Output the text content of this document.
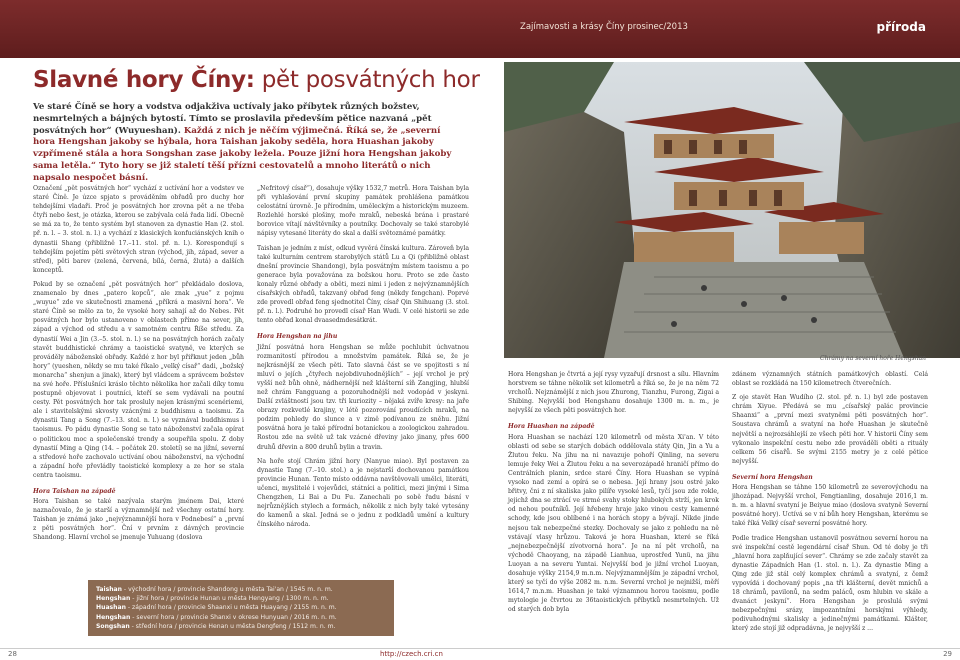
Zajímavosti a krásy Číny prosinec/2013	příroda
Slavné hory Číny: pět posvátných hor
Ve staré Číně se hory a vodstva odjakživa uctívaly jako příbytek různých božstev, nesmrtelných a bájných bytostí. Tímto se proslavila především pětice nazvaná „pět posvátných hor“ (Wuyueshan). Každá z nich je něčím výjimečná. Říká se, že „severní hora Hengshan jakoby se hýbala, hora Taishan jakoby seděla, hora Huashan jakoby vzpřímeně stála a hora Songshan zase jakoby ležela. Pouze jižní hora Hengshan jakoby sama letěla.“ Tyto hory se již staletí těší přízni cestovatelů a mnoho literátů o nich napsalo nespočet básní.

Označení „pět posvátných hor“ vychází z uctívání hor a vodstev ve staré Číně. Je úzce spjato s prováděním obřadů pro duchy hor tehdejšími vladaři. Proč je posvátných hor zrovna pět a ne třeba čtyři nebo šest, je otázka, kterou se zabývala celá řada lidí. Obecně se má za to, že tento systém byl stanoven za dynastie Han (2. stol. př. n. l. – 3. stol. n. l.) a vychází z klasických konfuciánských knih o dynastii Shang (přibližně 17.–11. stol. př. n. l.). Korespondují s tehdejším pojetím pěti světových stran (východ, jih, západ, sever a střed), pěti barev (zelená, červená, bílá, černá, žlutá) a dalších konceptů.

Pokud by se označení „pět posvátných hor“ překládalo doslova, znamenalo by dnes „patero kopců“, ale znak „yue“ z pojmu „wuyue“ zde ve skutečnosti znamená „příkrá a masivní hora“. Ve staré Číně se mělo za to, že vysoké hory sahají až do Nebes. Pět posvátných hor bylo ustanoveno v oblastech přímo na sever, jih, západ a východ od středu a v samotném centru Říše středu. Za dynastií Wei a Jin (3.–5. stol. n. l.) se na posvátných horách začaly stavět buddhistické chrámy a taoistické svatyně, ve kterých se prováděly náboženské obřady. Každé z hor byl přiřknut jeden „bůh hory“ (yueshen, někdy se mu také říkalo „velký císař“ dadi, „božský monarcha“ shenjun a jinak), který byl vládcem a správcem božstev na své hoře. Příslušníci kráslo těchto několika hor začali díky tomu postupně objevovat i poutníci, kteří se sem vydávali na poutní cesty. Pět posvátných hor tak prosluly nejen krásnými scenériemi, ale i stavitelskými skvosty vzácnými z buddhismu a taoismu. Za dynastii Tang a Song (7.–13. stol. n. l.) se vyznával buddhismus i taoismus. Po pádu dynastie Song se tato náboženství začala opírat o politickou moc a společenské trendy a soupeřila spolu. Z doby dynastií Ming a Qing (14. – počátek 20. století) se na jižní, severní a středové hoře zachovalo uctívání obou náboženství, na východní a západní hoře převládly taoistické komplexy a ze hor se stala centra taoismu.

Hora Taishan na západě

Hora Taishan se také nazývala starým jménem Dai, které naznačovalo, že je starší a významnější než všechny ostatní hory. Taishan je známá jako „nejvýznamnější hora v Podnebesí“ a „první z pěti posvátných hor“. Ční v prvním z dávných provincie Shandong. Hlavní vrchol se jmenuje Yuhuang (doslova

„Nefritový císař“), dosahuje výšky 1532,7 metrů. Hora Taishan byla při vyhlašování první skupiny památek prohlášena památkou celostátní úrovně. Je přírodním, uměleckým a historickým muzeem. Rozlehlé horské plošiny, moře mraků, nebeská brána i prastaré borovice vítají návštěvníky a poutníky. Dochovaly se také starobylé nápisy vytesané literáty do skal a další světoznámé památky.

Taishan je jedním z míst, odkud vyvěrá čínská kultura. Zároveň byla také kulturním centrem starobylých států Lu a Qi (přibližně oblast dnešní provincie Shandong), byla posvátným místem taoismu a po generace byla považována za božskou horu. Proto se zde často konaly různé obřady a oběti, mezi nimi i jeden z nejvýznamnějších císařských obřadů, takzvaný obřad feng (někdy fengchan). Poprvé zde provedl obřad feng sjednotitel Číny, císař Qin Shihuang (3. stol. př. n. l.). Podruhé ho provedl císař Han Wudi. V celé historii se zde tento obřad konal dvaasedmdesátkrát.

Hora Hengshan na jihu

Jižní posvátná hora Hengshan se může pochlubit úchvatnou rozmanitostí přírodou a množstvím památek. Říká se, že je nejkrásnější ze všech pěti. Tato slavná část se ve spojitosti s ní mluví o jejích „čtyřech nejobdivuhodnějších“ – její vrchol je prý vyšší než bůh ohně, nádhernější než klášterní síň Zangjing, hlubší než chrám Fangguang a pozoruhodnější než vodopád v jeskyni. Další zvláštností jsou tzv. tři kuriozity – nějaká zvíře kresy: na jaře obrazy rozkvetlé krajiny, v létě pozorování proudících mraků, na podzim pohledy do slunce a v zimě podívanou ze sněhu. Jižní posvátná hora je také přírodní botanickou a zoologickou zahradou. Rostou zde na světě už tak vzácné dřeviny jako jinany, přes 600 druhů dřevin a 800 druhů bylin a travin.

Na hoře stojí Chrám jižní hory (Nanyue miao). Byl postaven za dynastie Tang (7.–10. stol.) a je nejstarší dochovanou památkou provincie Hunan. Tento místo oddávna navštěvovali umělci, literáti, učenci, myslitelé i vojevůdci, státníci a politici, mezi jinými i Sima Chengzhen, Li Bai a Du Fu. Zanechali po sobě řadu básní v nejrůznějších stylech a formách, několik z nich byly také vytesány do kamenů a skal. Jedná se o jednu z podkladů umění a kultury čínského národa.

Chrámy na severní hoře Hengshan

Hora Hengshan je čtvrtá a její rysy vyzařují drsnost a sílu. Hlavním horstvem se táhne několik set kilometrů a říká se, že je na něm 72 vrcholů. Nejznámější z nich jsou Zhurong, Tianzhu, Furong, Zigai a Shibing. Nejvyšší bod Hengshanu dosahuje 1300 m. n. m., je nejvyšší ze všech pěti posvátných hor.

Hora Huashan na západě

Hora Huashan se nachází 120 kilometrů od města Xi'an. V této oblasti od sebe se starých dobách oddělovala státy Qin, Jin a Yu a Žlutou řeku. Na jihu na ni navazuje pohoří Qinling, na severu lemuje řeky Wei a Žlutou řeku a na severozápadě hraničí přímo do Centrálních planin, srdce staré Číny. Hora Huashan se vypíná vysoko nad zemí a opírá se o nebesa. Její hrany jsou ostré jako břitvy, čni z ní skaliska jako pilíře vysoké lesů, tyčí jsou zde rokle, jejichž dna se ztrácí ve strmé svahy stoky hlubokých strží, jen krok od nehou pouťníků. Její hřebeny hraje jako vinou cesty kamenné schody, kde jsou oblíbené i na horách stopy a bývají. Nikde jinde nejsou tak nebezpečné stezky. Dochovaly se jako z pohledu na ně vstávají vlasy hrůzou. Taková je hora Huashan, které se říká „nejnebezpečnější zívotvorná hora“. Je na ní pět vrcholů, na východě Chaoyang, na západě Lianhua, uprostřed Yunü, na jihu Luoyan a na severu Yuntai. Nejvyšší bod je jižní vrchol Luoyan, dosahuje výšky 2154,9 m.n.m. Nejvýznamnějším je západní vrchol, který se tyčí do výše 2082 m. n.m. Severní vrchol je nejnižší, měří 1614,7 m.n.m. Huashan je také významnou horou taoismu, podle mytologie je čtvrtou ze 36taoistických příbytků nesmrtelných. Už od starých dob byla

zdánem významných státních památkových oblastí. Celá oblast se rozkládá na 150 kilometrech čtverečních.

Z oje stavět Han Wudího (2. stol. př. n. l.) byl zde postaven chrám Xiyue. Předává se mu „císařský palác provincie Shaanxi“ a „první mezi svatyněmi pěti posvátných hor“. Soustava chrámů a svatyní na hoře Huashan je skutečně největší a nejrozsáhlejší ze všech pěti hor. V historii Číny sem vykonalo inspekční cestu nebo zde prováděli oběti a rituály celkem 56 císařů. Se svými 2155 metry je z celé pětice nejvyšší.

Severní hora Hengshan

Hora Hengshan se táhne 150 kilometrů ze severovýchodu na jihozápad. Nejvyšší vrchol, Fengtianling, dosahuje 2016,1 m. n. m. a hlavní svatyní je Beiyue miao (doslova svatyně Severní posvátné hory). Uctívá se v ní bůh hory Hengshan, kterému se také říká Velký císař severní posvátné hory.

Podle tradice Hengshan ustanovil posvátnou severní horou na své inspekční cestě legendární císař Shun. Od té doby je tři „hlavní hora zaplňující sever“. Chrámy se zde začaly stavět za dynastie Západních Han (1. stol. n. l.). Za dynastie Ming a Qing zde již stál celý komplex chrámů a svatyní, z čemž vypovídá i dochovaný popis „na tři klášterní, devět mnichů a 18 chrámů, pavilonů, na sedm paláců, osm hlubin ve skále a dvanáct jeskyní“. Hora Hengshan je proslulá svými nebezpečnými srázy, impozantními horskými výhledy, podivuhodnými skalisky a jedinečnými památkami. Klášter, který zde stojí již odpradávna, je nejvyšší z ...

Taishan - východní hora / provincie Shandong u města Tai'an / 1545 m. n. m.
Hengshan - jižní hora / provincie Hunan u města Hengyang / 1300 m. n. m.
Huashan - západní hora / provincie Shaanxi u města Huayang / 2155 m. n. m.
Hengshan - severní hora / provincie Shanxi v okrese Hunyuan / 2016 m. n. m.
Songshan - střední hora / provincie Henan u města Dengfeng / 1512 m. n. m.
28	http://czech.cri.cn	29
